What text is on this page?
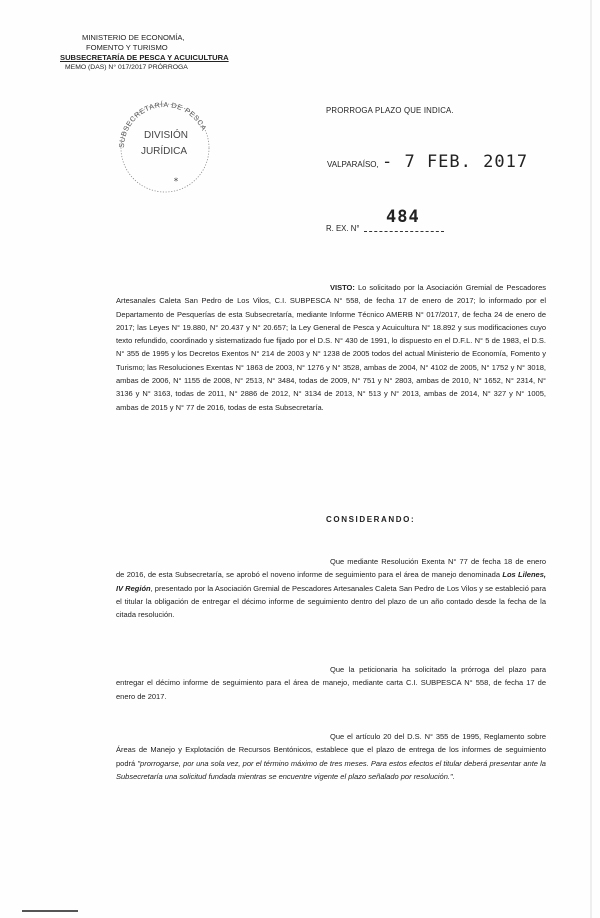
MINISTERIO DE ECONOMÍA,
FOMENTO Y TURISMO
SUBSECRETARÍA DE PESCA Y ACUICULTURA
MEMO (DAS) N° 017/2017 PRÓRROGA
SUBSECRETARÍA DE PESCA
DIVISIÓN
JURÍDICA
*
PRORROGA PLAZO QUE INDICA.
VALPARAÍSO, - 7 FEB. 2017
R. EX. N°
484
VISTO: Lo solicitado por la Asociación Gremial de Pescadores Artesanales Caleta San Pedro de Los Vilos, C.I. SUBPESCA N° 558, de fecha 17 de enero de 2017; lo informado por el Departamento de Pesquerías de esta Subsecretaría, mediante Informe Técnico AMERB N° 017/2017, de fecha 24 de enero de 2017; las Leyes N° 19.880, N° 20.437 y N° 20.657; la Ley General de Pesca y Acuicultura N° 18.892 y sus modificaciones cuyo texto refundido, coordinado y sistematizado fue fijado por el D.S. N° 430 de 1991, lo dispuesto en el D.F.L. N° 5 de 1983, el D.S. N° 355 de 1995 y los Decretos Exentos N° 214 de 2003 y N° 1238 de 2005 todos del actual Ministerio de Economía, Fomento y Turismo; las Resoluciones Exentas N° 1863 de 2003, N° 1276 y N° 3528, ambas de 2004, N° 4102 de 2005, N° 1752 y N° 3018, ambas de 2006, N° 1155 de 2008, N° 2513, N° 3484, todas de 2009, N° 751 y N° 2803, ambas de 2010, N° 1652, N° 2314, N° 3136 y N° 3163, todas de 2011, N° 2886 de 2012, N° 3134 de 2013, N° 513 y N° 2013, ambas de 2014, N° 327 y N° 1005, ambas de 2015 y N° 77 de 2016, todas de esta Subsecretaría.
CONSIDERANDO:
Que mediante Resolución Exenta N° 77 de fecha 18 de enero de 2016, de esta Subsecretaría, se aprobó el noveno informe de seguimiento para el área de manejo denominada Los Lilenes, IV Región, presentado por la Asociación Gremial de Pescadores Artesanales Caleta San Pedro de Los Vilos y se estableció para el titular la obligación de entregar el décimo informe de seguimiento dentro del plazo de un año contado desde la fecha de la citada resolución.
Que la peticionaria ha solicitado la prórroga del plazo para entregar el décimo informe de seguimiento para el área de manejo, mediante carta C.I. SUBPESCA N° 558, de fecha 17 de enero de 2017.
Que el artículo 20 del D.S. N° 355 de 1995, Reglamento sobre Áreas de Manejo y Explotación de Recursos Bentónicos, establece que el plazo de entrega de los informes de seguimiento podrá "prorrogarse, por una sola vez, por el término máximo de tres meses. Para estos efectos el titular deberá presentar ante la Subsecretaría una solicitud fundada mientras se encuentre vigente el plazo señalado por resolución.".
